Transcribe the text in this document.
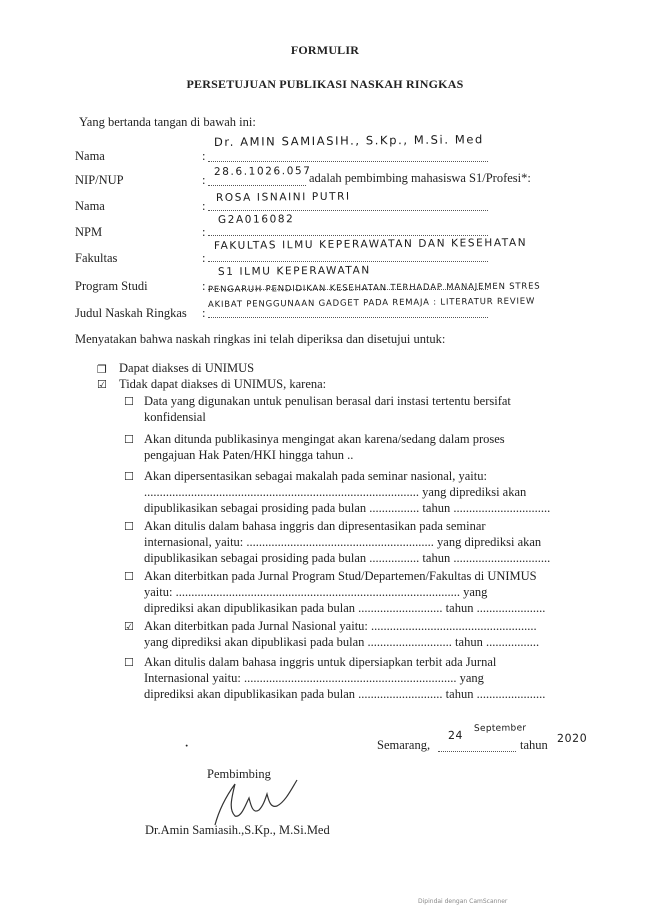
FORMULIR
PERSETUJUAN PUBLIKASI NASKAH RINGKAS
Yang bertanda tangan di bawah ini:
Nama	:
Dr. AMIN SAMIASIH., S.Kp., M.Si. Med
NIP/NUP	:
28.6.1026.057
adalah pembimbing mahasiswa S1/Profesi*:
Nama	:
ROSA ISNAINI PUTRI
NPM	:
G2A016082
Fakultas	:
FAKULTAS ILMU KEPERAWATAN DAN KESEHATAN
Program Studi	:
S1 ILMU KEPERAWATAN
Judul Naskah Ringkas :
PENGARUH PENDIDIKAN KESEHATAN TERHADAP MANAJEMEN STRES
AKIBAT PENGGUNAAN GADGET PADA REMAJA : LITERATUR REVIEW
Menyatakan bahwa naskah ringkas ini telah diperiksa dan disetujui untuk:
❐ Dapat diakses di UNIMUS
☑ Tidak dapat diakses di UNIMUS, karena:
☐ Data yang digunakan untuk penulisan berasal dari instasi tertentu bersifat
konfidensial
☐ Akan ditunda publikasinya mengingat akan karena/sedang dalam proses
pengajuan Hak Paten/HKI hingga tahun ..
☐ Akan dipersentasikan sebagai makalah pada seminar nasional, yaitu:
........................................................................................ yang diprediksi akan
dipublikasikan sebagai prosiding pada bulan ................ tahun ...............................
☐ Akan ditulis dalam bahasa inggris dan dipresentasikan pada seminar
internasional, yaitu: ............................................................ yang diprediksi akan
dipublikasikan sebagai prosiding pada bulan ................ tahun ...............................
☐ Akan diterbitkan pada Jurnal Program Stud/Departemen/Fakultas di UNIMUS
yaitu: ........................................................................................... yang
diprediksi akan dipublikasikan pada bulan ........................... tahun ......................
☑ Akan diterbitkan pada Jurnal Nasional yaitu: .....................................................
yang diprediksi akan dipublikasi pada bulan ........................... tahun .................
☐ Akan ditulis dalam bahasa inggris untuk dipersiapkan terbit ada Jurnal
Internasional yaitu: .................................................................... yang
diprediksi akan dipublikasikan pada bulan ........................... tahun ......................
·	Semarang,
24
September
tahun 2020
Pembimbing
Dr.Amin Samiasih.,S.Kp., M.Si.Med
Dipindai dengan CamScanner
